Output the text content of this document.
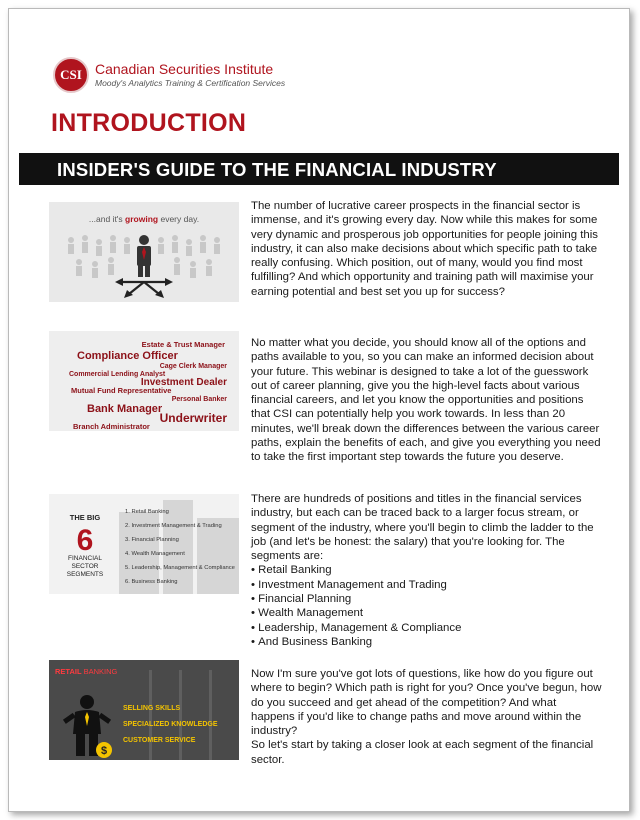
CSI Canadian Securities Institute
Moody's Analytics Training & Certification Services
INTRODUCTION
INSIDER'S GUIDE TO THE FINANCIAL INDUSTRY
...and it's growing every day.
The number of lucrative career prospects in the financial sector is immense, and it's growing every day. Now while this makes for some very dynamic and prosperous job opportunities for people joining this industry, it can also make decisions about which specific path to take really confusing. Which position, out of many, would you find most fulfilling? And which opportunity and training path will maximise your earning potential and best set you up for success?
Estate & Trust Manager
Compliance Officer
Cage Clerk Manager
Commercial Lending Analyst
Investment Dealer
Mutual Fund Representative
Personal Banker
Bank Manager
Underwriter
Branch Administrator
No matter what you decide, you should know all of the options and paths available to you, so you can make an informed decision about your future. This webinar is designed to take a lot of the guesswork out of career planning, give you the high-level facts about various financial careers, and let you know the opportunities and positions that CSI can potentially help you work towards. In less than 20 minutes, we'll break down the differences between the various career paths, explain the benefits of each, and give you everything you need to take the first important step towards the future you deserve.
THE BIG
6
FINANCIAL
SECTOR
SEGMENTS
1. Retail Banking
2. Investment Management & Trading
3. Financial Planning
4. Wealth Management
5. Leadership, Management & Compliance
6. Business Banking
There are hundreds of positions and titles in the financial services industry, but each can be traced back to a larger focus stream, or segment of the industry, where you'll begin to climb the ladder to the job (and let's be honest: the salary) that you're looking for. The segments are:
• Retail Banking
• Investment Management and Trading
• Financial Planning
• Wealth Management
• Leadership, Management & Compliance
• And Business Banking
RETAIL BANKING
SELLING SKILLS
SPECIALIZED KNOWLEDGE
CUSTOMER SERVICE
$
Now I'm sure you've got lots of questions, like how do you figure out where to begin? Which path is right for you? Once you've begun, how do you succeed and get ahead of the competition? And what happens if you'd like to change paths and move around within the industry?
So let's start by taking a closer look at each segment of the financial sector.
